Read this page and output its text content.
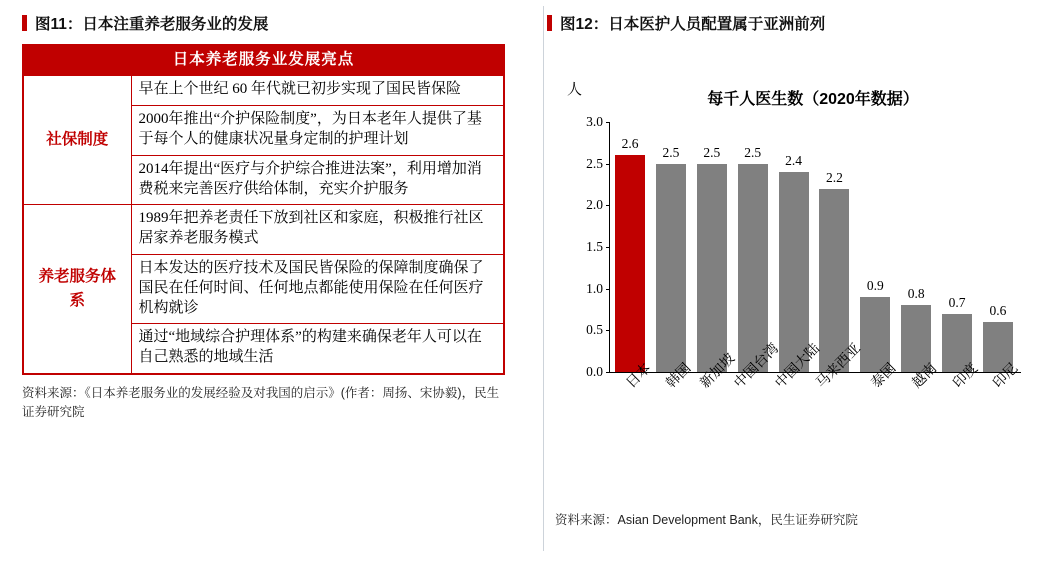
图11：日本注重养老服务业的发展
日本养老服务业发展亮点	
社保制度	早在上个世纪 60 年代就已初步实现了国民皆保险
	2000年推出“介护保险制度”，为日本老年人提供了基于每个人的健康状况量身定制的护理计划
	2014年提出“医疗与介护综合推进法案”，利用增加消费税来完善医疗供给体制，充实介护服务
养老服务体系	1989年把养老责任下放到社区和家庭，积极推行社区居家养老服务模式
	日本发达的医疗技术及国民皆保险的保障制度确保了国民在任何时间、任何地点都能使用保险在任何医疗机构就诊
	通过“地域综合护理体系”的构建来确保老年人可以在自己熟悉的地域生活
资料来源：《日本养老服务业的发展经验及对我国的启示》(作者：周扬、宋协毅)，民生证券研究院
图12：日本医护人员配置属于亚洲前列
人
每千人医生数（2020年数据）
0.0
0.5
1.0
1.5
2.0
2.5
3.0
2.6
2.5 2.5 2.5
2.4
2.2
0.9
0.8
0.7
0.6
日本 韩国 新加坡
中国台湾
中国大陆
马来西亚 泰国 越南 印度 印尼
资料来源：Asian Development Bank，民生证券研究院
